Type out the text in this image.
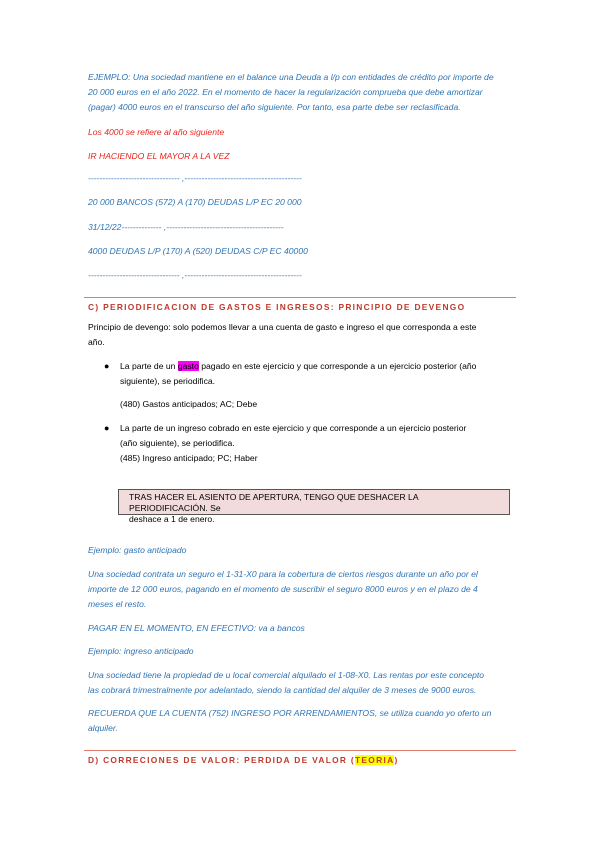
EJEMPLO: Una sociedad mantiene en el balance una Deuda a l/p con entidades de crédito por importe de
20 000 euros en el año 2022. En el momento de hacer la regularización comprueba que debe amortizar
(pagar) 4000 euros en el transcurso del año siguiente. Por tanto, esa parte debe ser reclasificada.

Los 4000 se refiere al año siguiente

IR HACIENDO EL MAYOR A LA VEZ

-------------------------------- ,-----------------------------------------

20 000 BANCOS (572) A (170) DEUDAS L/P EC 20 000

31/12/22-------------- ,-----------------------------------------

4000 DEUDAS L/P (170) A (520) DEUDAS C/P EC 40000

-------------------------------- ,-----------------------------------------

C) PERIODIFICACION DE GASTOS E INGRESOS: PRINCIPIO DE DEVENGO

Principio de devengo: solo podemos llevar a una cuenta de gasto e ingreso el que corresponda a este
año.

● La parte de un gasto pagado en este ejercicio y que corresponde a un ejercicio posterior (año
siguiente), se periodifica.

(480) Gastos anticipados; AC; Debe

● La parte de un ingreso cobrado en este ejercicio y que corresponde a un ejercicio posterior
(año siguiente), se periodifica.
(485) Ingreso anticipado; PC; Haber

TRAS HACER EL ASIENTO DE APERTURA, TENGO QUE DESHACER LA PERIODIFICACIÓN. Se
deshace a 1 de enero.

Ejemplo: gasto anticipado

Una sociedad contrata un seguro el 1-31-X0 para la cobertura de ciertos riesgos durante un año por el
importe de 12 000 euros, pagando en el momento de suscribir el seguro 8000 euros y en el plazo de 4
meses el resto.

PAGAR EN EL MOMENTO, EN EFECTIVO: va a bancos

Ejemplo: ingreso anticipado

Una sociedad tiene la propiedad de u local comercial alquilado el 1-08-X0. Las rentas por este concepto
las cobrará trimestralmente por adelantado, siendo la cantidad del alquiler de 3 meses de 9000 euros.

RECUERDA QUE LA CUENTA (752) INGRESO POR ARRENDAMIENTOS, se utiliza cuando yo oferto un
alquiler.

D) CORRECIONES DE VALOR: PERDIDA DE VALOR (TEORIA)
